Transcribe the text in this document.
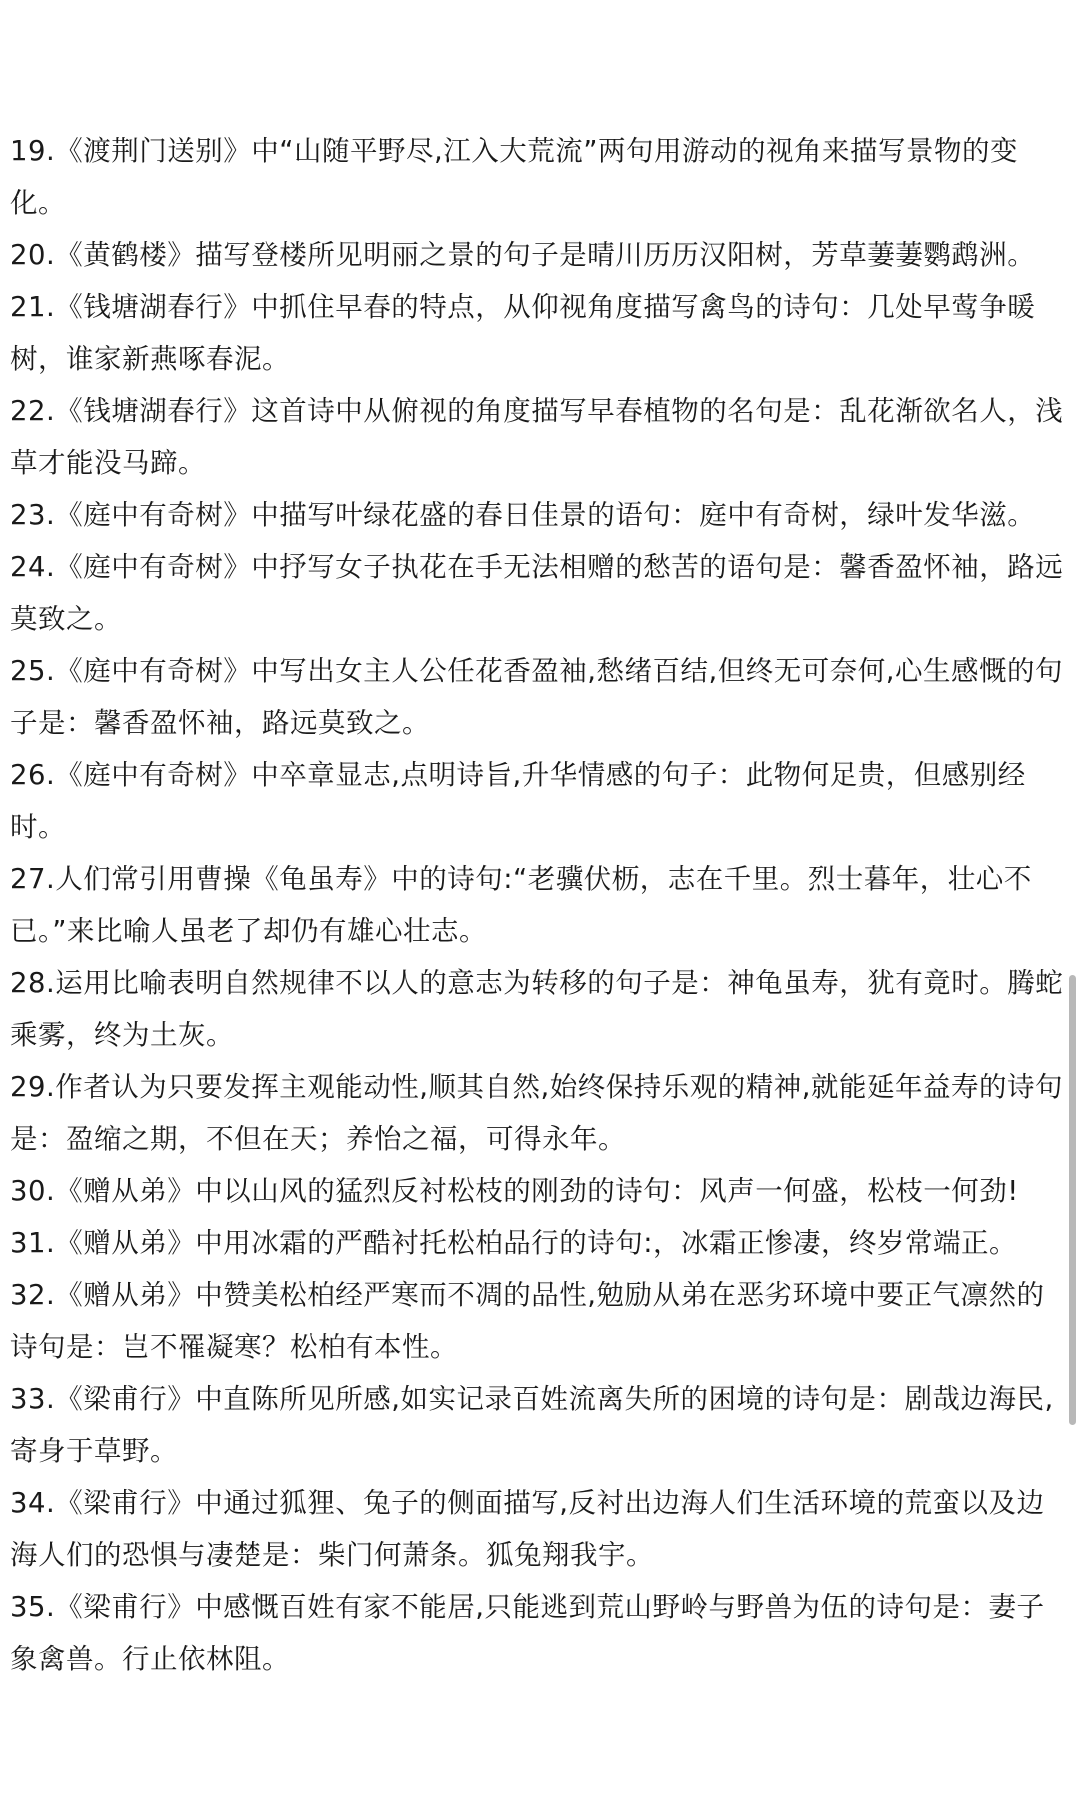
19.《渡荆门送别》中“山随平野尽,江入大荒流”两句用游动的视角来描写景物的变化。

20.《黄鹤楼》描写登楼所见明丽之景的句子是晴川历历汉阳树，芳草萋萋鹦鹉洲。

21.《钱塘湖春行》中抓住早春的特点，从仰视角度描写禽鸟的诗句：几处早莺争暖树，谁家新燕啄春泥。

22.《钱塘湖春行》这首诗中从俯视的角度描写早春植物的名句是：乱花渐欲名人，浅草才能没马蹄。

23.《庭中有奇树》中描写叶绿花盛的春日佳景的语句：庭中有奇树，绿叶发华滋。

24.《庭中有奇树》中抒写女子执花在手无法相赠的愁苦的语句是：馨香盈怀袖，路远莫致之。

25.《庭中有奇树》中写出女主人公任花香盈袖,愁绪百结,但终无可奈何,心生感慨的句子是：馨香盈怀袖，路远莫致之。

26.《庭中有奇树》中卒章显志,点明诗旨,升华情感的句子：此物何足贵，但感别经时。

27.人们常引用曹操《龟虽寿》中的诗句:“老骥伏枥，志在千里。烈士暮年，壮心不已。”来比喻人虽老了却仍有雄心壮志。

28.运用比喻表明自然规律不以人的意志为转移的句子是：神龟虽寿，犹有竟时。腾蛇乘雾，终为土灰。

29.作者认为只要发挥主观能动性,顺其自然,始终保持乐观的精神,就能延年益寿的诗句是：盈缩之期，不但在天；养怡之福，可得永年。

30.《赠从弟》中以山风的猛烈反衬松枝的刚劲的诗句：风声一何盛，松枝一何劲!

31.《赠从弟》中用冰霜的严酷衬托松柏品行的诗句:，冰霜正惨凄，终岁常端正。

32.《赠从弟》中赞美松柏经严寒而不凋的品性,勉励从弟在恶劣环境中要正气凛然的诗句是：岂不罹凝寒？松柏有本性。

33.《梁甫行》中直陈所见所感,如实记录百姓流离失所的困境的诗句是：剧哉边海民,寄身于草野。

34.《梁甫行》中通过狐狸、兔子的侧面描写,反衬出边海人们生活环境的荒蛮以及边海人们的恐惧与凄楚是：柴门何萧条。狐兔翔我宇。

35.《梁甫行》中感慨百姓有家不能居,只能逃到荒山野岭与野兽为伍的诗句是：妻子象禽兽。行止依林阻。
